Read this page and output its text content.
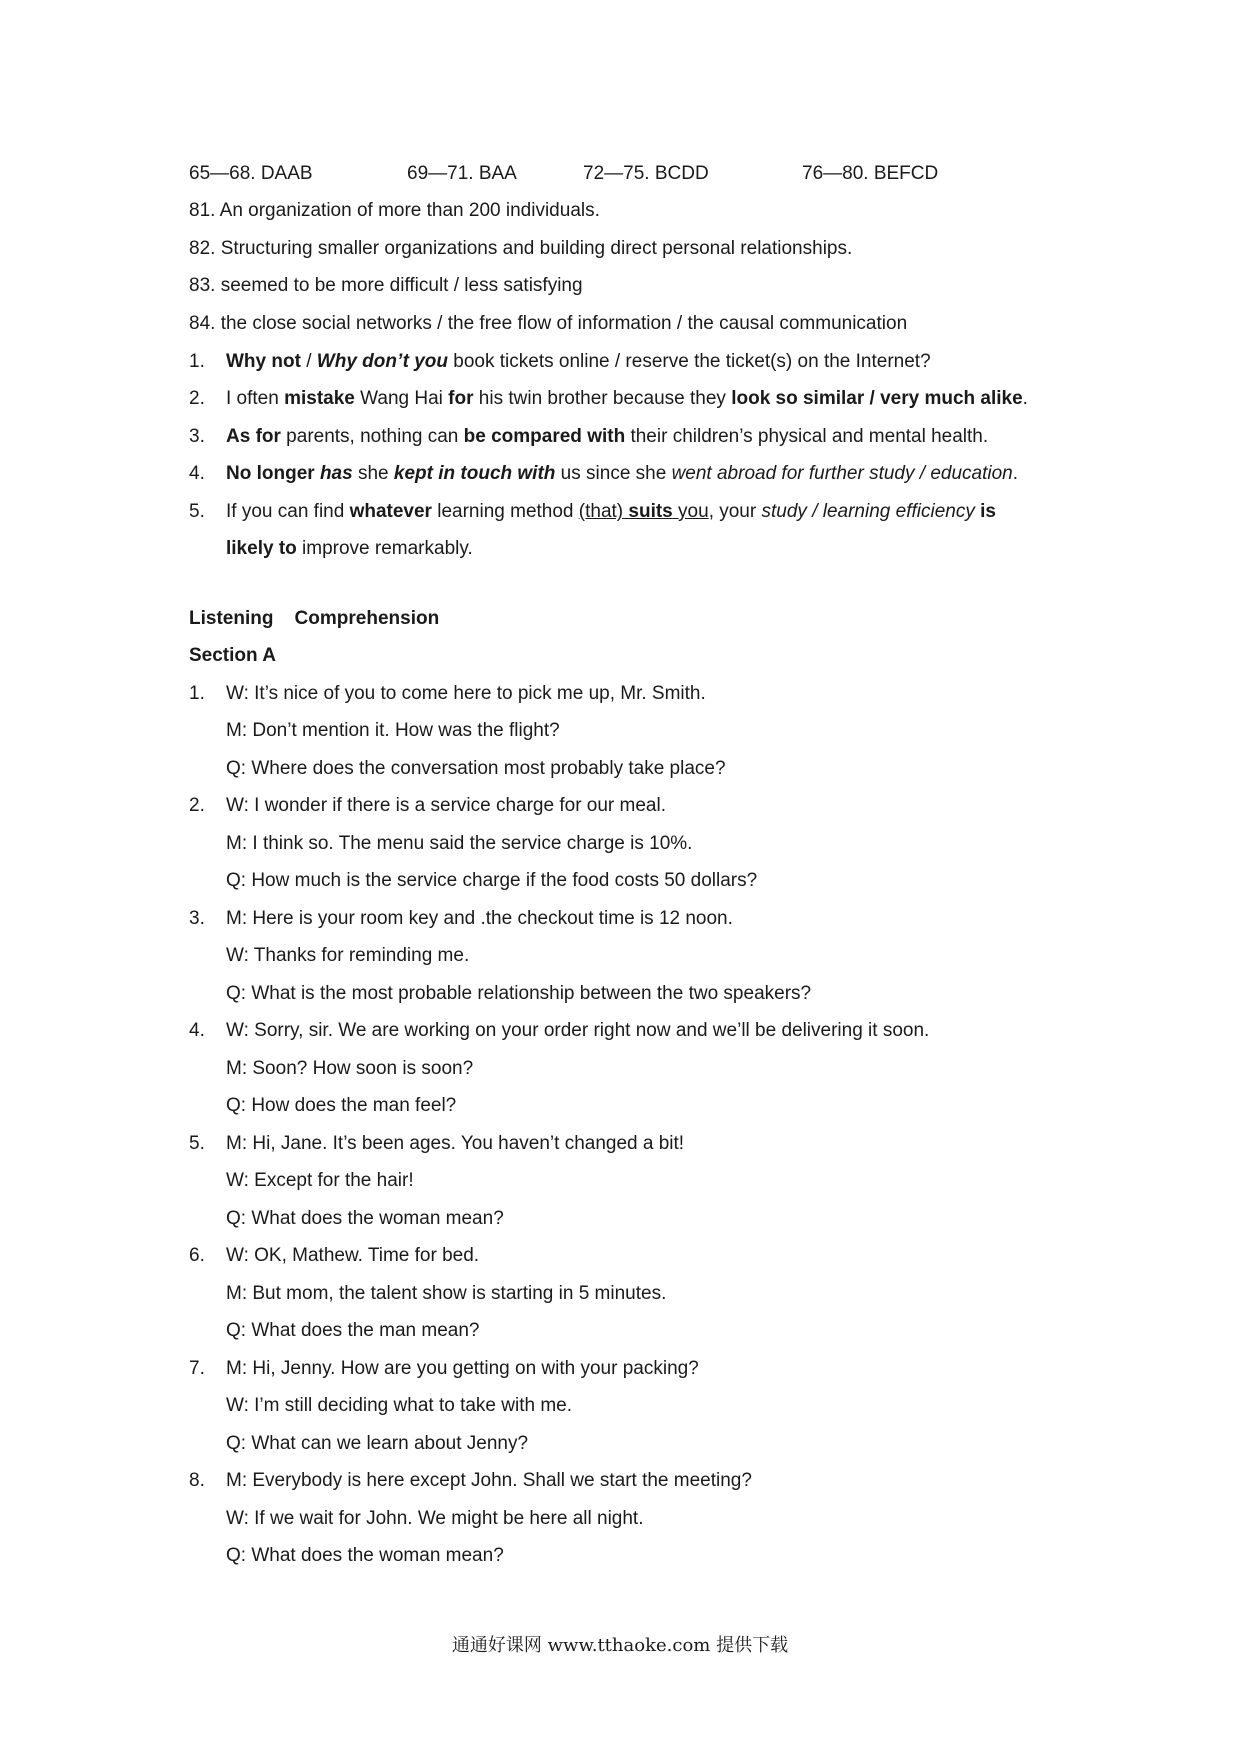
65—68. DAAB	69—71. BAA	72—75. BCDD	76—80. BEFCD
81. An organization of more than 200 individuals.
82. Structuring smaller organizations and building direct personal relationships.
83. seemed to be more difficult / less satisfying
84. the close social networks / the free flow of information / the causal communication
1. Why not / Why don’t you book tickets online / reserve the ticket(s) on the Internet?
2. I often mistake Wang Hai for his twin brother because they look so similar / very much alike.
3. As for parents, nothing can be compared with their children’s physical and mental health.
4. No longer has she kept in touch with us since she went abroad for further study / education.
5. If you can find whatever learning method (that) suits you, your study / learning efficiency is
likely to improve remarkably.
Listening    Comprehension
Section A
1. W: It’s nice of you to come here to pick me up, Mr. Smith.
M: Don’t mention it. How was the flight?
Q: Where does the conversation most probably take place?
2. W: I wonder if there is a service charge for our meal.
M: I think so. The menu said the service charge is 10%.
Q: How much is the service charge if the food costs 50 dollars?
3. M: Here is your room key and .the checkout time is 12 noon.
W: Thanks for reminding me.
Q: What is the most probable relationship between the two speakers?
4. W: Sorry, sir. We are working on your order right now and we’ll be delivering it soon.
M: Soon? How soon is soon?
Q: How does the man feel?
5. M: Hi, Jane. It’s been ages. You haven’t changed a bit!
W: Except for the hair!
Q: What does the woman mean?
6. W: OK, Mathew. Time for bed.
M: But mom, the talent show is starting in 5 minutes.
Q: What does the man mean?
7. M: Hi, Jenny. How are you getting on with your packing?
W: I’m still deciding what to take with me.
Q: What can we learn about Jenny?
8. M: Everybody is here except John. Shall we start the meeting?
W: If we wait for John. We might be here all night.
Q: What does the woman mean?
通通好课网 www.tthaoke.com 提供下载
